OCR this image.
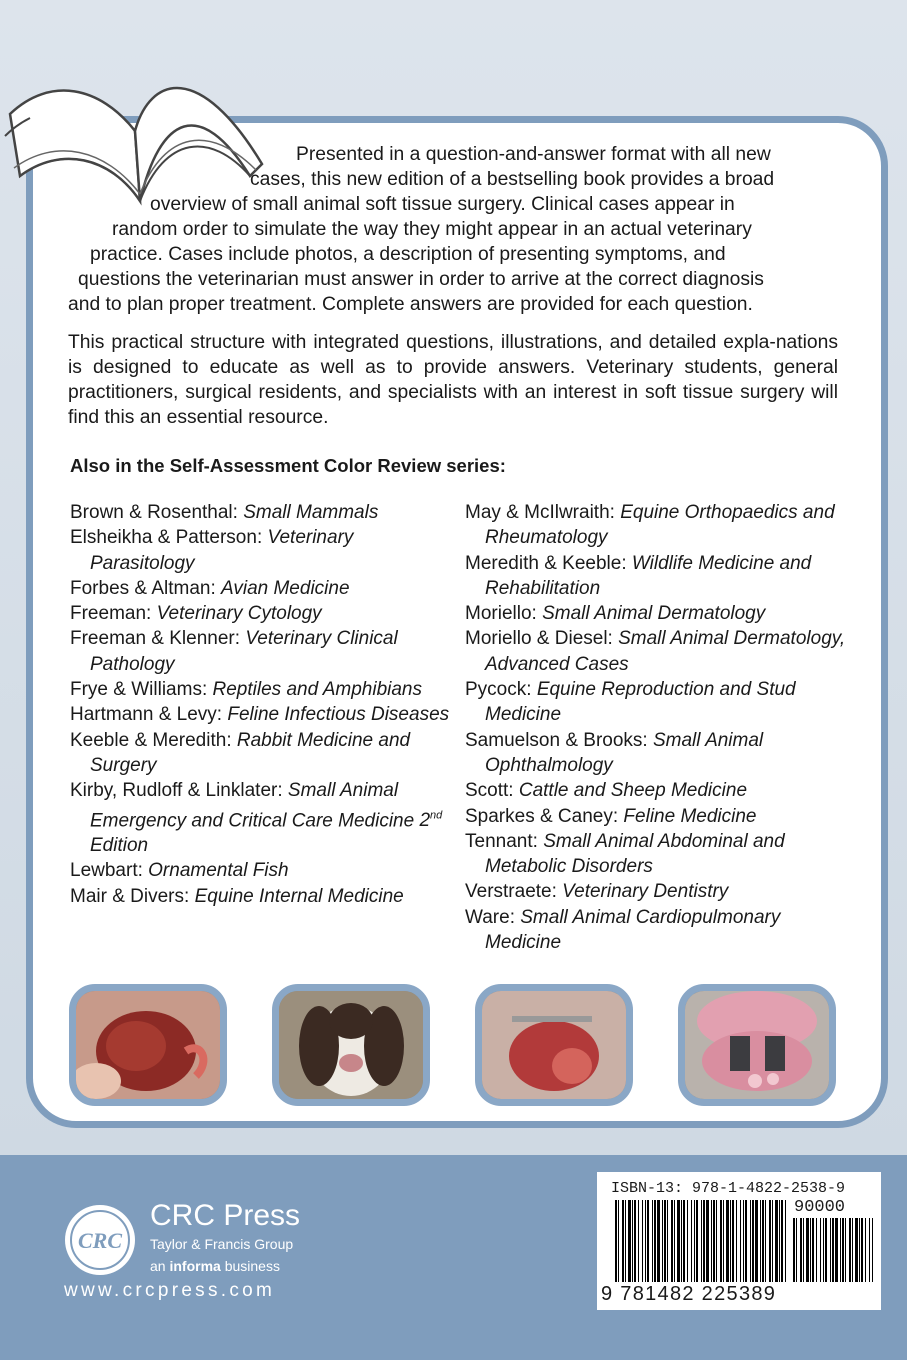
Presented in a question-and-answer format with all new
cases, this new edition of a bestselling book provides a broad
overview of small animal soft tissue surgery. Clinical cases appear in
random order to simulate the way they might appear in an actual veterinary
practice. Cases include photos, a description of presenting symptoms, and
questions the veterinarian must answer in order to arrive at the correct diagnosis
and to plan proper treatment. Complete answers are provided for each question.

This practical structure with integrated questions, illustrations, and detailed expla-nations is designed to educate as well as to provide answers. Veterinary students, general practitioners, surgical residents, and specialists with an interest in soft tissue surgery will find this an essential resource.

Also in the Self-Assessment Color Review series:
Brown & Rosenthal: Small Mammals
Elsheikha & Patterson: Veterinary Parasitology
Forbes & Altman: Avian Medicine
Freeman: Veterinary Cytology
Freeman & Klenner: Veterinary Clinical Pathology
Frye & Williams: Reptiles and Amphibians
Hartmann & Levy: Feline Infectious Diseases
Keeble & Meredith: Rabbit Medicine and Surgery
Kirby, Rudloff & Linklater: Small Animal Emergency and Critical Care Medicine 2nd Edition
Lewbart: Ornamental Fish
Mair & Divers: Equine Internal Medicine
May & McIlwraith: Equine Orthopaedics and Rheumatology
Meredith & Keeble: Wildlife Medicine and Rehabilitation
Moriello: Small Animal Dermatology
Moriello & Diesel: Small Animal Dermatology, Advanced Cases
Pycock: Equine Reproduction and Stud Medicine
Samuelson & Brooks: Small Animal Ophthalmology
Scott: Cattle and Sheep Medicine
Sparkes & Caney: Feline Medicine
Tennant: Small Animal Abdominal and Metabolic Disorders
Verstraete: Veterinary Dentistry
Ware: Small Animal Cardiopulmonary Medicine
CRC
CRC Press
Taylor & Francis Group
an informa business
www.crcpress.com
ISBN-13: 978-1-4822-2538-9
90000
9 781482 225389
